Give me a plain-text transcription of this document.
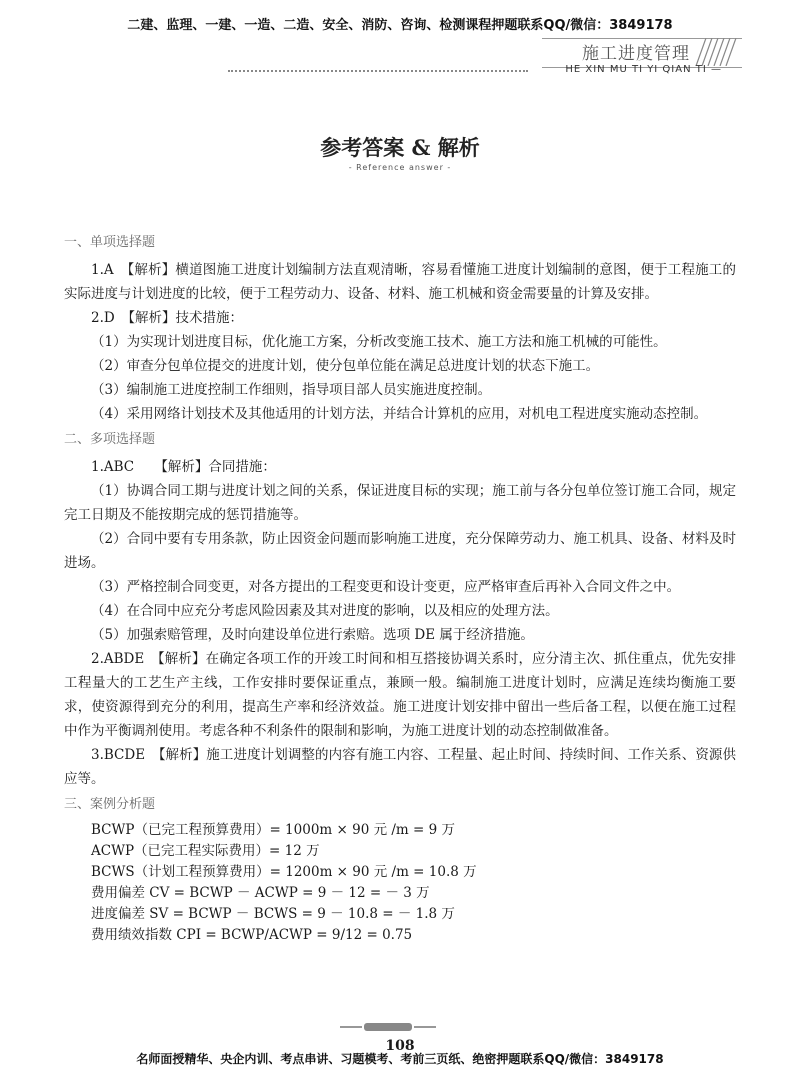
二建、监理、一建、一造、二造、安全、消防、咨询、检测课程押题联系QQ/微信：3849178
施工进度管理
HE XIN MU TI YI QIAN TI —
参考答案 & 解析
- Reference answer -
一、单项选择题

1.A　【解析】横道图施工进度计划编制方法直观清晰，容易看懂施工进度计划编制的意图，便于工程施工的实际进度与计划进度的比较，便于工程劳动力、设备、材料、施工机械和资金需要量的计算及安排。

2.D　【解析】技术措施：

（1）为实现计划进度目标，优化施工方案，分析改变施工技术、施工方法和施工机械的可能性。

（2）审查分包单位提交的进度计划，使分包单位能在满足总进度计划的状态下施工。

（3）编制施工进度控制工作细则，指导项目部人员实施进度控制。

（4）采用网络计划技术及其他适用的计划方法，并结合计算机的应用，对机电工程进度实施动态控制。

二、多项选择题

1.ABC　　【解析】合同措施：

（1）协调合同工期与进度计划之间的关系，保证进度目标的实现；施工前与各分包单位签订施工合同，规定完工日期及不能按期完成的惩罚措施等。

（2）合同中要有专用条款，防止因资金问题而影响施工进度，充分保障劳动力、施工机具、设备、材料及时进场。

（3）严格控制合同变更，对各方提出的工程变更和设计变更，应严格审查后再补入合同文件之中。

（4）在合同中应充分考虑风险因素及其对进度的影响，以及相应的处理方法。

（5）加强索赔管理，及时向建设单位进行索赔。选项 DE 属于经济措施。

2.ABDE　【解析】在确定各项工作的开竣工时间和相互搭接协调关系时，应分清主次、抓住重点，优先安排工程量大的工艺生产主线，工作安排时要保证重点，兼顾一般。编制施工进度计划时，应满足连续均衡施工要求，使资源得到充分的利用，提高生产率和经济效益。施工进度计划安排中留出一些后备工程，以便在施工过程中作为平衡调剂使用。考虑各种不利条件的限制和影响，为施工进度计划的动态控制做准备。

3.BCDE　【解析】施工进度计划调整的内容有施工内容、工程量、起止时间、持续时间、工作关系、资源供应等。

三、案例分析题

BCWP（已完工程预算费用）= 1000m × 90 元 /m = 9 万

ACWP（已完工程实际费用）= 12 万

BCWS（计划工程预算费用）= 1200m × 90 元 /m = 10.8 万

费用偏差 CV = BCWP － ACWP = 9 － 12 = － 3 万

进度偏差 SV = BCWP － BCWS = 9 － 10.8 = － 1.8 万

费用绩效指数 CPI = BCWP/ACWP = 9/12 = 0.75

108
名师面授精华、央企内训、考点串讲、习题模考、考前三页纸、绝密押题联系QQ/微信：3849178
